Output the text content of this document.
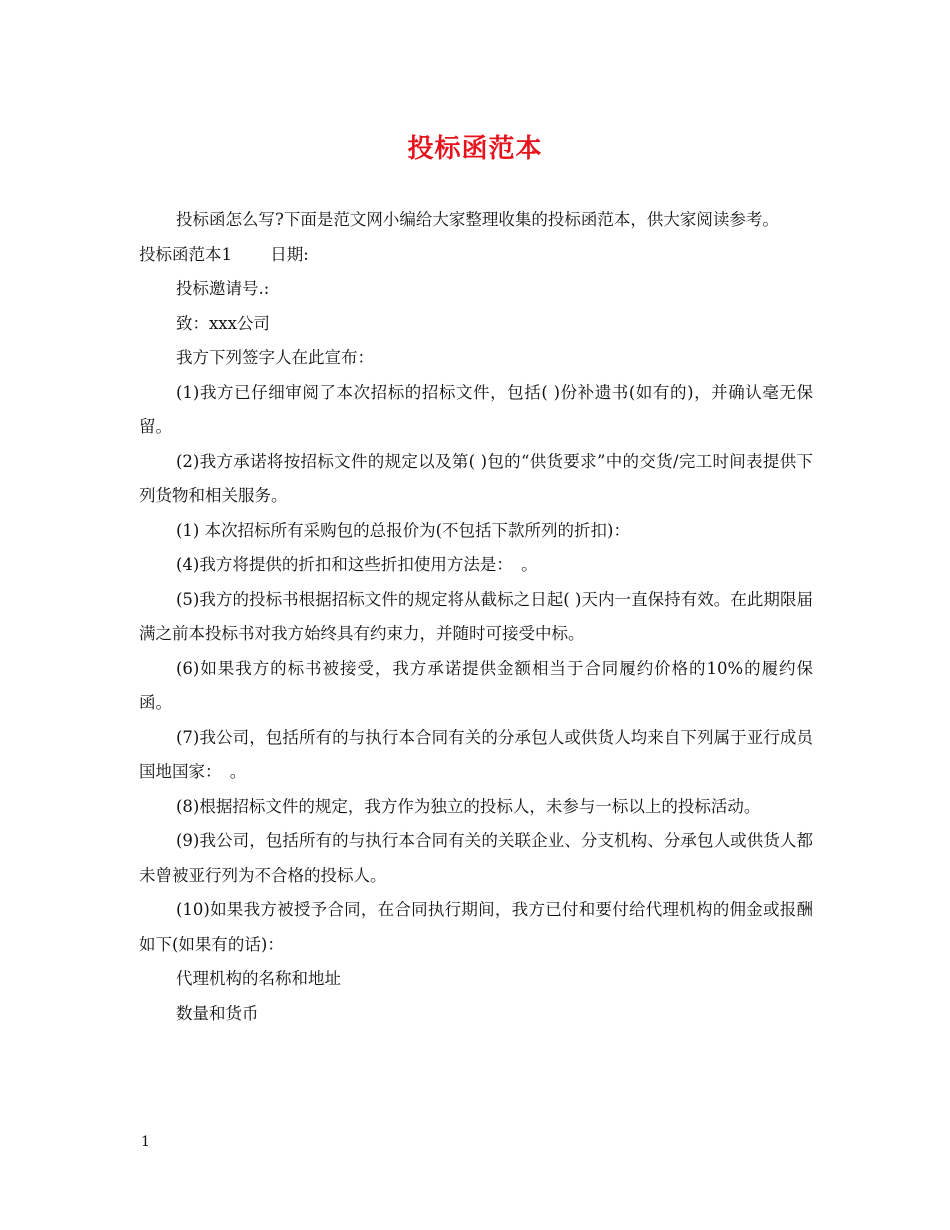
投标函范本

投标函怎么写?下面是范文网小编给大家整理收集的投标函范本，供大家阅读参考。

投标函范本1　　 日期:

投标邀请号.:

致：xxx公司

我方下列签字人在此宣布：

(1)我方已仔细审阅了本次招标的招标文件，包括( )份补遗书(如有的)，并确认毫无保留。

(2)我方承诺将按招标文件的规定以及第( )包的“供货要求”中的交货/完工时间表提供下列货物和相关服务。

(1) 本次招标所有采购包的总报价为(不包括下款所列的折扣)：

(4)我方将提供的折扣和这些折扣使用方法是：　。

(5)我方的投标书根据招标文件的规定将从截标之日起( )天内一直保持有效。在此期限届满之前本投标书对我方始终具有约束力，并随时可接受中标。

(6)如果我方的标书被接受，我方承诺提供金额相当于合同履约价格的10%的履约保函。

(7)我公司，包括所有的与执行本合同有关的分承包人或供货人均来自下列属于亚行成员国地国家：　。

(8)根据招标文件的规定，我方作为独立的投标人，未参与一标以上的投标活动。

(9)我公司，包括所有的与执行本合同有关的关联企业、分支机构、分承包人或供货人都未曾被亚行列为不合格的投标人。

(10)如果我方被授予合同，在合同执行期间，我方已付和要付给代理机构的佣金或报酬如下(如果有的话)：

代理机构的名称和地址

数量和货币

1
